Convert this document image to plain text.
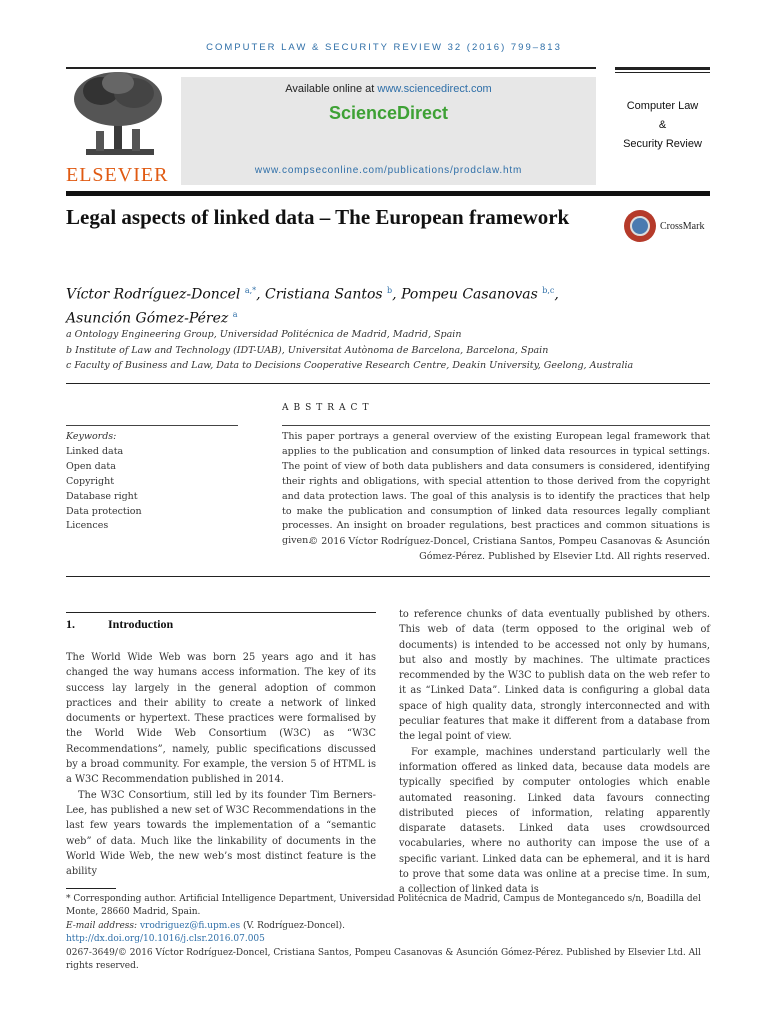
COMPUTER LAW & SECURITY REVIEW 32 (2016) 799–813
ELSEVIER
Available online at www.sciencedirect.com
ScienceDirect
www.compseconline.com/publications/prodclaw.htm
Computer Law
&
Security Review
Legal aspects of linked data – The European framework	CrossMark
Víctor Rodríguez-Doncel $^{a,*}$, Cristiana Santos $^b$, Pompeu Casanovas $^{b,c}$,
Asunción Gómez-Pérez $^a$
a Ontology Engineering Group, Universidad Politécnica de Madrid, Madrid, Spain
b Institute of Law and Technology (IDT-UAB), Universitat Autònoma de Barcelona, Barcelona, Spain
c Faculty of Business and Law, Data to Decisions Cooperative Research Centre, Deakin University, Geelong, Australia
ABSTRACT
Keywords:
Linked data
Open data
Copyright
Database right
Data protection
Licences
This paper portrays a general overview of the existing European legal framework that applies to the publication and consumption of linked data resources in typical settings. The point of view of both data publishers and data consumers is considered, identifying their rights and obligations, with special attention to those derived from the copyright and data protection laws. The goal of this analysis is to identify the practices that help to make the publication and consumption of linked data resources legally compliant processes. An insight on broader regulations, best practices and common situations is given.
© 2016 Víctor Rodríguez-Doncel, Cristiana Santos, Pompeu Casanovas & Asunción Gómez-Pérez. Published by Elsevier Ltd. All rights reserved.
1.	Introduction

The World Wide Web was born 25 years ago and it has changed the way humans access information. The key of its success lay largely in the general adoption of common practices and their ability to create a network of linked documents or hypertext. These practices were formalised by the World Wide Web Consortium (W3C) as “W3C Recommendations”, namely, public specifications discussed by a broad community. For example, the version 5 of HTML is a W3C Recommendation published in 2014.

The W3C Consortium, still led by its founder Tim Berners-Lee, has published a new set of W3C Recommendations in the last few years towards the implementation of a “semantic web” of data. Much like the linkability of documents in the World Wide Web, the new web’s most distinct feature is the ability

to reference chunks of data eventually published by others. This web of data (term opposed to the original web of documents) is intended to be accessed not only by humans, but also and mostly by machines. The ultimate practices recommended by the W3C to publish data on the web refer to it as “Linked Data”. Linked data is configuring a global data space of high quality data, strongly interconnected and with peculiar features that make it different from a database from the legal point of view.

For example, machines understand particularly well the information offered as linked data, because data models are typically specified by computer ontologies which enable automated reasoning. Linked data favours connecting distributed pieces of information, relating apparently disparate datasets. Linked data uses crowdsourced vocabularies, where no authority can impose the use of a specific variant. Linked data can be ephemeral, and it is hard to prove that some data was online at a precise time. In sum, a collection of linked data is

* Corresponding author. Artificial Intelligence Department, Universidad Politécnica de Madrid, Campus de Montegancedo s/n, Boadilla del Monte, 28660 Madrid, Spain.
E-mail address: vrodriguez@fi.upm.es (V. Rodríguez-Doncel).
http://dx.doi.org/10.1016/j.clsr.2016.07.005
0267-3649/© 2016 Víctor Rodríguez-Doncel, Cristiana Santos, Pompeu Casanovas & Asunción Gómez-Pérez. Published by Elsevier Ltd. All rights reserved.
